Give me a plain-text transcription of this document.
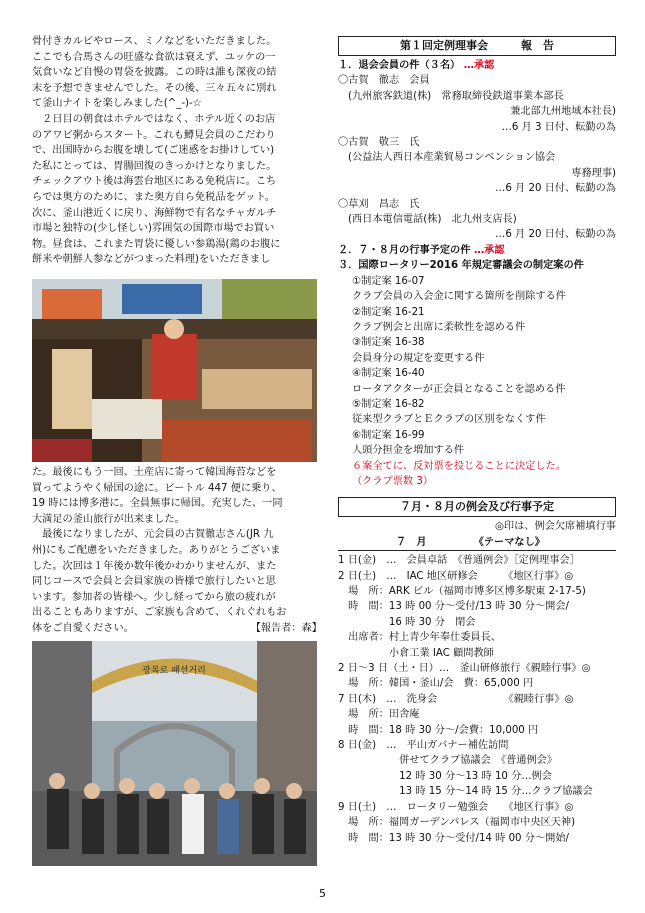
骨付きカルビやロース、ミノなどをいただきました。
ここでも合馬さんの旺盛な食欲は衰えず、ユッケの一
気食いなど自慢の胃袋を披露。この時は誰も深夜の結
末を予想できませんでした。その後、三々五々に別れ
て釜山ナイトを楽しみました(^_-)-☆
　２日目の朝食はホテルではなく、ホテル近くのお店
のアワビ粥からスタート。これも鱒見会員のこだわり
で、出国時からお腹を壊して(ご迷惑をお掛けしてい)
た私にとっては、胃腸回復のきっかけとなりました。
チェックアウト後は海雲台地区にある免税店に。こち
らでは奥方のために、また奥方自ら免税品をゲット。
次に、釜山港近くに戻り、海鮮物で有名なチャガルチ
市場と独特の(少し怪しい)雰囲気の国際市場でお買い
物。昼食は、これまた胃袋に優しい参鶏湯(鶏のお腹に
餅米や朝鮮人参などがつまった料理)をいただきまし
た。最後にもう一回、土産店に寄って韓国海苔などを
買ってようやく帰国の途に。ビートル 447 便に乗り、
19 時には博多港に。全員無事に帰国。充実した、一同
大満足の釜山旅行が出来ました。
　最後になりましたが、元会員の古賀徹志さん(JR 九
州)にもご配慮をいただきました。ありがとうございま
した。次回は１年後か数年後かわかりませんが、また
同じコースで会員と会員家族の皆様で旅行したいと思
います。参加者の皆様へ。少し経ってから旅の疲れが
出ることもありますが、ご家族も含めて、くれぐれもお
体をご自愛ください。	【報告者：森】
광복로 패션거리
第１回定例理事会　　　報　告
１．退会会員の件（３名） …承認
〇古賀　徹志　会員
(九州旅客鉄道(株)　常務取締役鉄道事業本部長
兼北部九州地域本社長)
…6 月 3 日付、転勤の為
〇古賀　敬三　氏
(公益法人西日本産業貿易コンベンション協会
専務理事)
…6 月 20 日付、転勤の為
〇草刈　昌志　氏
(西日本電信電話(株)　北九州支店長)
…6 月 20 日付、転勤の為
２．７・８月の行事予定の件 …承認
３．国際ロータリー2016 年規定審議会の制定案の件
①制定案 16-07
クラブ会員の入会金に関する箇所を削除する件
②制定案 16-21
クラブ例会と出席に柔軟性を認める件
③制定案 16-38
会員身分の規定を変更する件
④制定案 16-40
ロータアクターが正会員となることを認める件
⑤制定案 16-82
従来型クラブとＥクラブの区別をなくす件
⑥制定案 16-99
人頭分担金を増加する件
６案全てに、反対票を投じることに決定した。
（クラブ票数 3）
７月・８月の例会及び行事予定
◎印は、例会欠席補填行事
７　月	《テーマなし》
1 日(金)　…　会員卓話　《普通例会》［定例理事会］
2 日(土)　…　IAC 地区研修会　　　《地区行事》◎
　場　所：ARK ビル（福岡市博多区博多駅東 2-17-5)
　時　間：13 時 00 分～受付/13 時 30 分～開会/
　　　　　16 時 30 分　閉会
　出席者：村上青少年奉仕委員長、
　　　　　小倉工業 IAC 顧問教師
2 日～3 日（土・日）…　釜山研修旅行《親睦行事》◎
　場　所：韓国・釜山/会　費：65,000 円
7 日(木)　…　洗身会　　　　　　　《親睦行事》◎
　場　所：田舎庵
　時　間：18 時 30 分～/会費：10,000 円
8 日(金)　…　平山ガバナー補佐訪問
　　　　　　併せてクラブ協議会　《普通例会》
　　　　　　12 時 30 分～13 時 10 分…例会
　　　　　　13 時 15 分～14 時 15 分…クラブ協議会
9 日(土)　…　ロータリー勉強会　　《地区行事》◎
　場　所：福岡ガーデンパレス（福岡市中央区天神)
　時　間：13 時 30 分～受付/14 時 00 分～開始/
5
